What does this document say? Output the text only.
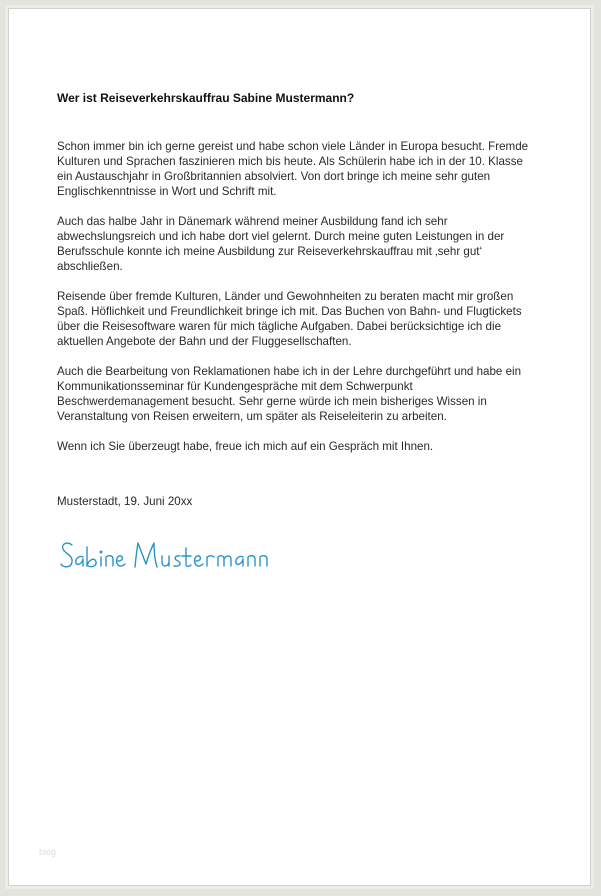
Wer ist Reiseverkehrskauffrau Sabine Mustermann?

Schon immer bin ich gerne gereist und habe schon viele Länder in Europa besucht. Fremde Kulturen und Sprachen faszinieren mich bis heute. Als Schülerin habe ich in der 10. Klasse ein Austauschjahr in Großbritannien absolviert. Von dort bringe ich meine sehr guten Englischkenntnisse in Wort und Schrift mit.

Auch das halbe Jahr in Dänemark während meiner Ausbildung fand ich sehr abwechslungsreich und ich habe dort viel gelernt. Durch meine guten Leistungen in der Berufsschule konnte ich meine Ausbildung zur Reiseverkehrskauffrau mit ‚sehr gut‘ abschließen.

Reisende über fremde Kulturen, Länder und Gewohnheiten zu beraten macht mir großen Spaß. Höflichkeit und Freundlichkeit bringe ich mit. Das Buchen von Bahn- und Flugtickets über die Reisesoftware waren für mich tägliche Aufgaben. Dabei berücksichtige ich die aktuellen Angebote der Bahn und der Fluggesellschaften.

Auch die Bearbeitung von Reklamationen habe ich in der Lehre durchgeführt und habe ein Kommunikationsseminar für Kundengespräche mit dem Schwerpunkt Beschwerdemanagement besucht. Sehr gerne würde ich mein bisheriges Wissen in Veranstaltung von Reisen erweitern, um später als Reiseleiterin zu arbeiten.

Wenn ich Sie überzeugt habe, freue ich mich auf ein Gespräch mit Ihnen.

Musterstadt, 19. Juni 20xx
blog
